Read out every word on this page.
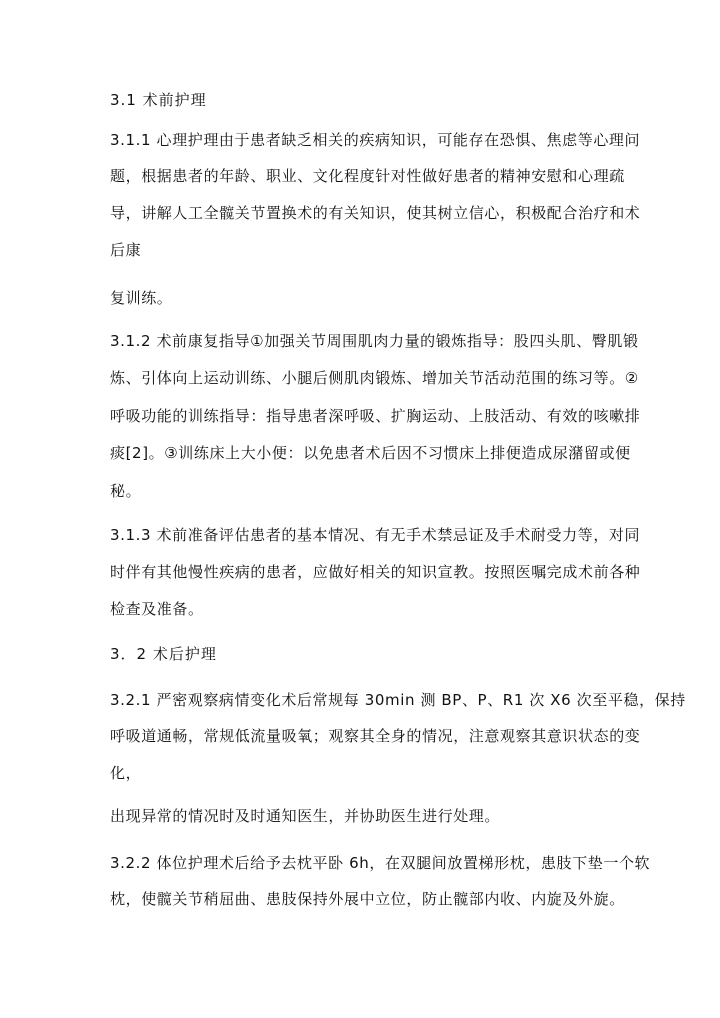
3.1 术前护理
3.1.1 心理护理由于患者缺乏相关的疾病知识，可能存在恐惧、焦虑等心理问
题，根据患者的年龄、职业、文化程度针对性做好患者的精神安慰和心理疏
导，讲解人工全髋关节置换术的有关知识，使其树立信心，积极配合治疗和术
后康
复训练。
3.1.2 术前康复指导①加强关节周围肌肉力量的锻炼指导：股四头肌、臀肌锻
炼、引体向上运动训练、小腿后侧肌肉锻炼、增加关节活动范围的练习等。②
呼吸功能的训练指导：指导患者深呼吸、扩胸运动、上肢活动、有效的咳嗽排
痰[2]。③训练床上大小便：以免患者术后因不习惯床上排便造成尿潴留或便
秘。
3.1.3 术前准备评估患者的基本情况、有无手术禁忌证及手术耐受力等，对同
时伴有其他慢性疾病的患者，应做好相关的知识宣教。按照医嘱完成术前各种
检查及准备。
3．2 术后护理
3.2.1 严密观察病情变化术后常规每 30min 测 BP、P、R1 次 X6 次至平稳，保持
呼吸道通畅，常规低流量吸氧；观察其全身的情况，注意观察其意识状态的变
化，
出现异常的情况时及时通知医生，并协助医生进行处理。
3.2.2 体位护理术后给予去枕平卧 6h，在双腿间放置梯形枕，患肢下垫一个软
枕，使髋关节稍屈曲、患肢保持外展中立位，防止髋部内收、内旋及外旋。
